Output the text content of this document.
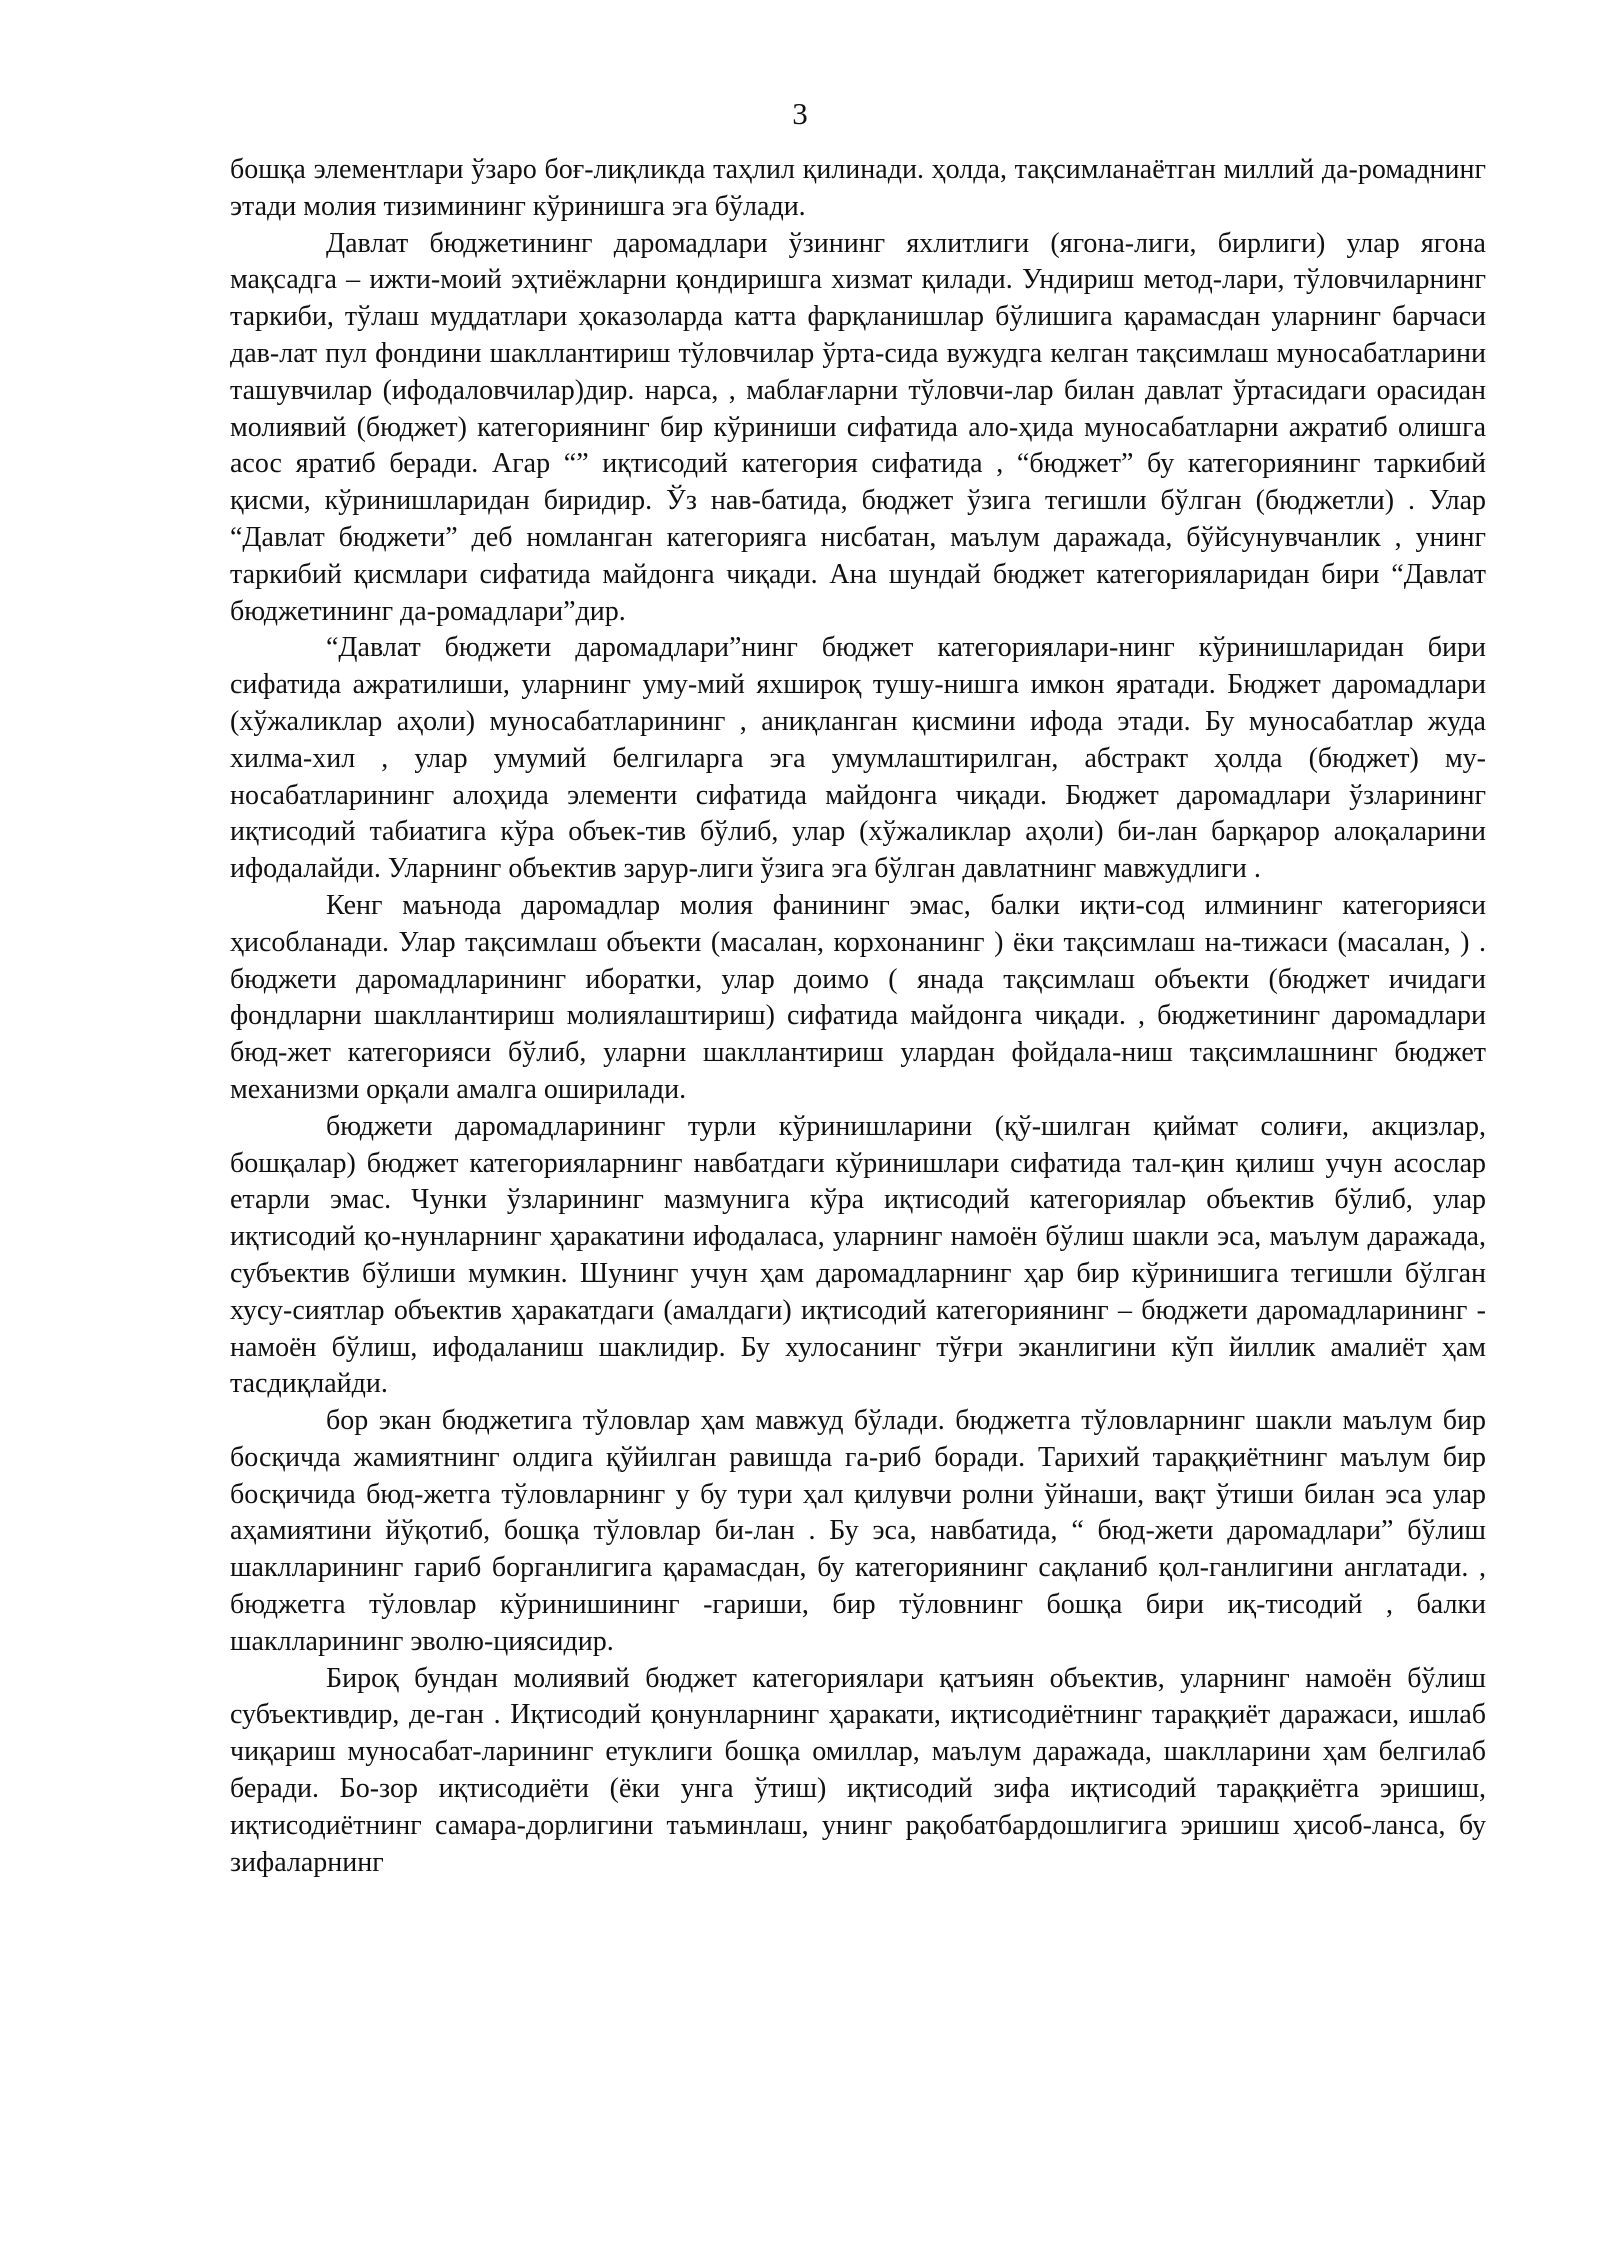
3

бошқа элементлари ўзаро боғ-лиқликда таҳлил қилинади. ҳолда, тақсимланаётган миллий да-ромаднинг этади молия тизимининг кўринишга эга бўлади.

Давлат бюджетининг даромадлари ўзининг яхлитлиги (ягона-лиги, бирлиги) улар ягона мақсадга – ижти-моий эҳтиёжларни қондиришга хизмат қилади. Ундириш метод-лари, тўловчиларнинг таркиби, тўлаш муддатлари ҳоказоларда катта фарқланишлар бўлишига қарамасдан уларнинг барчаси дав-лат пул фондини шакллантириш тўловчилар ўрта-сида вужудга келган тақсимлаш муносабатларини ташувчилар (ифодаловчилар)дир. нарса, , маблағларни тўловчи-лар билан давлат ўртасидаги орасидан молиявий (бюджет) категориянинг бир кўриниши сифатида ало-ҳида муносабатларни ажратиб олишга асос яратиб беради. Агар “” иқтисодий категория сифатида , “бюджет” бу категориянинг таркибий қисми, кўринишларидан биридир. Ўз нав-батида, бюджет ўзига тегишли бўлган (бюджетли) . Улар “Давлат бюджети” деб номланган категорияга нисбатан, маълум даражада, бўйсунувчанлик , унинг таркибий қисмлари сифатида майдонга чиқади. Ана шундай бюджет категорияларидан бири “Давлат бюджетининг да-ромадлари”дир.

“Давлат бюджети даромадлари”нинг бюджет категориялари-нинг кўринишларидан бири сифатида ажратилиши, уларнинг уму-мий яхшироқ тушу-нишга имкон яратади. Бюджет даромадлари (хўжаликлар аҳоли) муносабатларининг , аниқланган қисмини ифода этади. Бу муносабатлар жуда хилма-хил , улар умумий белгиларга эга умумлаштирилган, абстракт ҳолда (бюджет) му-носабатларининг алоҳида элементи сифатида майдонга чиқади. Бюджет даромадлари ўзларининг иқтисодий табиатига кўра объек-тив бўлиб, улар (хўжаликлар аҳоли) би-лан барқарор алоқаларини ифодалайди. Уларнинг объектив зарур-лиги ўзига эга бўлган давлатнинг мавжудлиги .

Кенг маънода даромадлар молия фанининг эмас, балки иқти-сод илмининг категорияси ҳисобланади. Улар тақсимлаш объекти (масалан, корхонанинг ) ёки тақсимлаш на-тижаси (масалан, ) . бюджети даромадларининг иборатки, улар доимо ( янада тақсимлаш объекти (бюджет ичидаги фондларни шакллантириш молиялаштириш) сифатида майдонга чиқади. , бюджетининг даромадлари бюд-жет категорияси бўлиб, уларни шакллантириш улардан фойдала-ниш тақсимлашнинг бюджет механизми орқали амалга оширилади.

бюджети даромадларининг турли кўринишларини (қў-шилган қиймат солиғи, акцизлар, бошқалар) бюджет категорияларнинг навбатдаги кўринишлари сифатида тал-қин қилиш учун асослар етарли эмас. Чунки ўзларининг мазмунига кўра иқтисодий категориялар объектив бўлиб, улар иқтисодий қо-нунларнинг ҳаракатини ифодаласа, уларнинг намоён бўлиш шакли эса, маълум даражада, субъектив бўлиши мумкин. Шунинг учун ҳам даромадларнинг ҳар бир кўринишига тегишли бўлган хусу-сиятлар объектив ҳаракатдаги (амалдаги) иқтисодий категориянинг – бюджети даромадларининг - намоён бўлиш, ифодаланиш шаклидир. Бу хулосанинг тўғри эканлигини кўп йиллик амалиёт ҳам тасдиқлайди.

бор экан бюджетига тўловлар ҳам мавжуд бўлади. бюджетга тўловларнинг шакли маълум бир босқичда жамиятнинг олдига қўйилган равишда га-риб боради. Тарихий тараққиётнинг маълум бир босқичида бюд-жетга тўловларнинг у бу тури ҳал қилувчи ролни ўйнаши, вақт ўтиши билан эса улар аҳамиятини йўқотиб, бошқа тўловлар би-лан . Бу эса, навбатида, “ бюд-жети даромадлари” бўлиш шаклларининг гариб борганлигига қарамасдан, бу категориянинг сақланиб қол-ганлигини англатади. , бюджетга тўловлар кўринишининг -гариши, бир тўловнинг бошқа бири иқ-тисодий , балки шаклларининг эволю-циясидир.

Бироқ бундан молиявий бюджет категориялари қатъиян объектив, уларнинг намоён бўлиш субъективдир, де-ган . Иқтисодий қонунларнинг ҳаракати, иқтисодиётнинг тараққиёт даражаси, ишлаб чиқариш муносабат-ларининг етуклиги бошқа омиллар, маълум даражада, шаклларини ҳам белгилаб беради. Бо-зор иқтисодиёти (ёки унга ўтиш) иқтисодий зифа иқтисодий тараққиётга эришиш, иқтисодиётнинг самара-дорлигини таъминлаш, унинг рақобатбардошлигига эришиш ҳисоб-ланса, бу зифаларнинг
